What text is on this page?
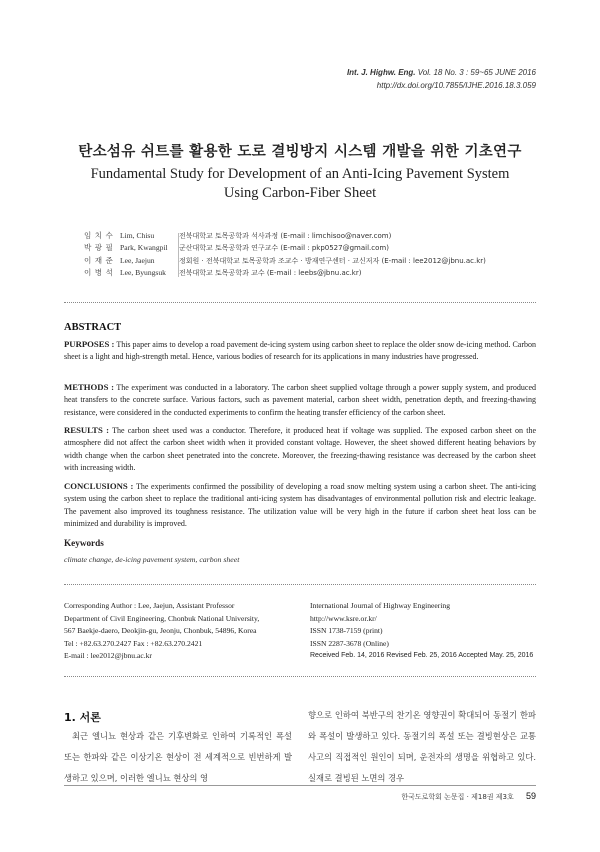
Int. J. Highw. Eng. Vol. 18 No. 3 : 59~65 JUNE 2016
http://dx.doi.org/10.7855/IJHE.2016.18.3.059
탄소섬유 쉬트를 활용한 도로 결빙방지 시스템 개발을 위한 기초연구
Fundamental Study for Development of an Anti-Icing Pavement System
Using Carbon-Fiber Sheet
임 치 수 Lim, Chisu	전북대학교 토목공학과 석사과정 (E-mail : limchisoo@naver.com)
박 광 필 Park, Kwangpil	군산대학교 토목공학과 연구교수 (E-mail : pkp0527@gmail.com)
이 재 준 Lee, Jaejun	정회원 · 전북대학교 토목공학과 조교수 · 방재연구센터 · 교신저자 (E-mail : lee2012@jbnu.ac.kr)
이 병 석 Lee, Byungsuk	전북대학교 토목공학과 교수 (E-mail : leebs@jbnu.ac.kr)
ABSTRACT
PURPOSES : This paper aims to develop a road pavement de-icing system using carbon sheet to replace the older snow de-icing method. Carbon sheet is a light and high-strength metal. Hence, various bodies of research for its applications in many industries have progressed.
METHODS : The experiment was conducted in a laboratory. The carbon sheet supplied voltage through a power supply system, and produced heat transfers to the concrete surface. Various factors, such as pavement material, carbon sheet width, penetration depth, and freezing-thawing resistance, were considered in the conducted experiments to confirm the heating transfer efficiency of the carbon sheet.
RESULTS : The carbon sheet used was a conductor. Therefore, it produced heat if voltage was supplied. The exposed carbon sheet on the atmosphere did not affect the carbon sheet width when it provided constant voltage. However, the sheet showed different heating behaviors by width change when the carbon sheet penetrated into the concrete. Moreover, the freezing-thawing resistance was decreased by the carbon sheet with increasing width.
CONCLUSIONS : The experiments confirmed the possibility of developing a road snow melting system using a carbon sheet. The anti-icing system using the carbon sheet to replace the traditional anti-icing system has disadvantages of environmental pollution risk and electric leakage. The pavement also improved its toughness resistance. The utilization value will be very high in the future if carbon sheet heat loss can be minimized and durability is improved.
Keywords
climate change, de-icing pavement system, carbon sheet
Corresponding Author : Lee, Jaejun, Assistant Professor
Department of Civil Engineering, Chonbuk National University,
567 Baekje-daero, Deokjin-gu, Jeonju, Chonbuk, 54896, Korea
Tel : +82.63.270.2427 Fax : +82.63.270.2421
E-mail : lee2012@jbnu.ac.kr
International Journal of Highway Engineering
http://www.ksre.or.kr/
ISSN 1738-7159 (print)
ISSN 2287-3678 (Online)
Received Feb. 14, 2016 Revised Feb. 25, 2016 Accepted May. 25, 2016
1. 서론
최근 엘니뇨 현상과 같은 기후변화로 인하여 기록적인 폭설 또는 한파와 같은 이상기온 현상이 전 세계적으로 빈번하게 발생하고 있으며, 이러한 엘니뇨 현상의 영
향으로 인하여 북반구의 찬기온 영향권이 확대되어 동절기 한파와 폭설이 발생하고 있다. 동절기의 폭설 또는 결빙현상은 교통사고의 직접적인 원인이 되며, 운전자의 생명을 위협하고 있다. 실재로 결빙된 노면의 경우
한국도로학회 논문집 · 제18권 제3호 59
